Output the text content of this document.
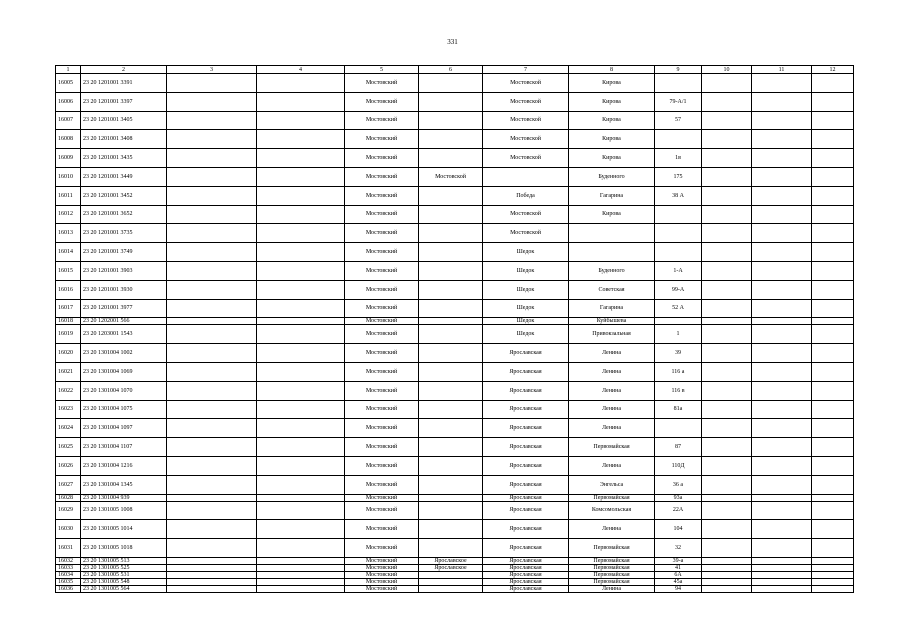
331
1	2	3	4	5	6	7	8	9	10	11	12
16005	23 20 1201001 3391			Мостовский		Мостовской	Кирова				
16006	23 20 1201001 3397			Мостовский		Мостовской	Кирова	79-А/1			
16007	23 20 1201001 3405			Мостовский		Мостовской	Кирова	57			
16008	23 20 1201001 3408			Мостовский		Мостовской	Кирова				
16009	23 20 1201001 3435			Мостовский		Мостовской	Кирова	1в			
16010	23 20 1201001 3449			Мостовский	Мостовской		Буденного	175			
16011	23 20 1201001 3452			Мостовский		Победа	Гагарина	38 А			
16012	23 20 1201001 3652			Мостовский		Мостовской	Кирова				
16013	23 20 1201001 3735			Мостовский		Мостовской					
16014	23 20 1201001 3749			Мостовский		Шедок					
16015	23 20 1201001 3903			Мостовский		Шедок	Буденного	1-А			
16016	23 20 1201001 3930			Мостовский		Шедок	Советская	99-А			
16017	23 20 1201001 3977			Мостовский		Шедок	Гагарина	52 А			
16018	23 20 1202001 566			Мостовский		Шедок	Куйбышева				
16019	23 20 1203001 1543			Мостовский		Шедок	Привокзальная	1			
16020	23 20 1301004 1002			Мостовский		Ярославская	Ленина	39			
16021	23 20 1301004 1069			Мостовский		Ярославская	Ленина	116 а			
16022	23 20 1301004 1070			Мостовский		Ярославская	Ленина	116 в			
16023	23 20 1301004 1075			Мостовский		Ярославская	Ленина	81а			
16024	23 20 1301004 1097			Мостовский		Ярославская	Ленина				
16025	23 20 1301004 1107			Мостовский		Ярославская	Первомайская	87			
16026	23 20 1301004 1216			Мостовский		Ярославская	Ленина	110Д			
16027	23 20 1301004 1345			Мостовский		Ярославская	Энгельса	36 а			
16028	23 20 1301004 939			Мостовский		Ярославская	Первомайская	93а			
16029	23 20 1301005 1008			Мостовский		Ярославская	Комсомольская	22А			
16030	23 20 1301005 1014			Мостовский		Ярославская	Ленина	104			
16031	23 20 1301005 1018			Мостовский		Ярославская	Первомайская	32			
16032	23 20 1301005 513			Мостовский	Ярославское	Ярославская	Первомайская	39-а			
16033	23 20 1301005 525			Мостовский	Ярославское	Ярославская	Первомайская	41			
16034	23 20 1301005 531			Мостовский		Ярославская	Первомайская	6А			
16035	23 20 1301005 548			Мостовский		Ярославская	Первомайская	45а			
16036	23 20 1301005 564			Мостовский		Ярославская	Ленина	94			
